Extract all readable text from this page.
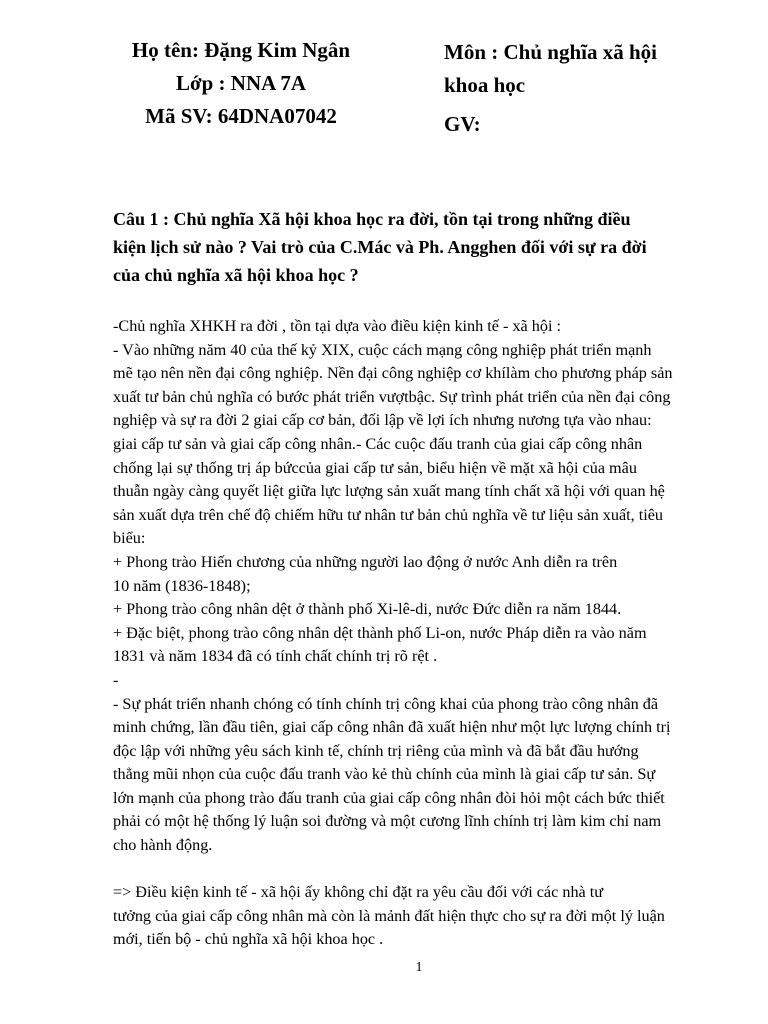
Họ tên: Đặng Kim Ngân
Lớp : NNA 7A
Mã SV: 64DNA07042
Môn : Chủ nghĩa xã hội
khoa học
GV:
Câu 1 : Chủ nghĩa Xã hội khoa học ra đời, tồn tại trong những điều
kiện lịch sử nào ? Vai trò của C.Mác và Ph. Angghen đối với sự ra đời
của chủ nghĩa xã hội khoa học ?
-Chủ nghĩa XHKH ra đời , tồn tại dựa vào điều kiện kinh tế - xã hội :
- Vào những năm 40 của thế kỷ XIX, cuộc cách mạng công nghiệp phát triển mạnh
mẽ tạo nên nền đại công nghiệp. Nền đại công nghiệp cơ khílàm cho phương pháp sản
xuất tư bản chủ nghĩa có bước phát triển vượtbậc. Sự trình phát triển của nền đại công
nghiệp và sự ra đời 2 giai cấp cơ bản, đối lập về lợi ích nhưng nương tựa vào nhau:
giai cấp tư sản và giai cấp công nhân.- Các cuộc đấu tranh của giai cấp công nhân
chống lại sự thống trị áp bứccủa giai cấp tư sản, biểu hiện về mặt xã hội của mâu
thuẫn ngày càng quyết liệt giữa lực lượng sản xuất mang tính chất xã hội với quan hệ
sản xuất dựa trên chế độ chiếm hữu tư nhân tư bản chủ nghĩa về tư liệu sản xuất, tiêu
biểu:
+ Phong trào Hiến chương của những người lao động ở nước Anh diễn ra trên
10 năm (1836-1848);
+ Phong trào công nhân dệt ở thành phố Xi-lê-di, nước Đức diễn ra năm 1844.
+ Đặc biệt, phong trào công nhân dệt thành phố Li-on, nước Pháp diễn ra vào năm
1831 và năm 1834 đã có tính chất chính trị rõ rệt .
-
- Sự phát triển nhanh chóng có tính chính trị công khai của phong trào công nhân đã
minh chứng, lần đầu tiên, giai cấp công nhân đã xuất hiện như một lực lượng chính trị
độc lập với những yêu sách kinh tế, chính trị riêng của mình và đã bắt đầu hướng
thẳng mũi nhọn của cuộc đấu tranh vào kẻ thù chính của mình là giai cấp tư sản. Sự
lớn mạnh của phong trào đấu tranh của giai cấp công nhân đòi hỏi một cách bức thiết
phải có một hệ thống lý luận soi đường và một cương lĩnh chính trị làm kim chỉ nam
cho hành động.
=> Điều kiện kinh tế - xã hội ấy không chỉ đặt ra yêu cầu đối với các nhà tư
tưởng của giai cấp công nhân mà còn là mảnh đất hiện thực cho sự ra đời một lý luận
mới, tiến bộ - chủ nghĩa xã hội khoa học .
1
